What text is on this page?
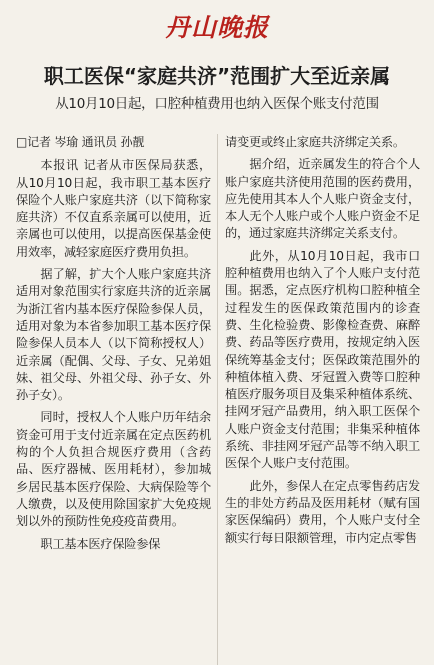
丹山晚报
职工医保“家庭共济”范围扩大至近亲属
从10月10日起，口腔种植费用也纳入医保个账支付范围

□记者 岑瑜 通讯员 孙靓

本报讯 记者从市医保局获悉，从10月10日起，我市职工基本医疗保险个人账户家庭共济（以下简称家庭共济）不仅直系亲属可以使用，近亲属也可以使用，以提高医保基金使用效率，减轻家庭医疗费用负担。

据了解，扩大个人账户家庭共济适用对象范围实行家庭共济的近亲属为浙江省内基本医疗保险参保人员，适用对象为本省参加职工基本医疗保险参保人员本人（以下简称授权人）近亲属（配偶、父母、子女、兄弟姐妹、祖父母、外祖父母、孙子女、外孙子女）。

同时，授权人个人账户历年结余资金可用于支付近亲属在定点医药机构的个人负担合规医疗费用（含药品、医疗器械、医用耗材），参加城乡居民基本医疗保险、大病保险等个人缴费，以及使用除国家扩大免疫规划以外的预防性免疫疫苗费用。

职工基本医疗保险参保

请变更或终止家庭共济绑定关系。

据介绍，近亲属发生的符合个人账户家庭共济使用范围的医药费用，应先使用其本人个人账户资金支付，本人无个人账户或个人账户资金不足的，通过家庭共济绑定关系支付。

此外，从10月10日起，我市口腔种植费用也纳入了个人账户支付范围。据悉，定点医疗机构口腔种植全过程发生的医保政策范围内的诊查费、生化检验费、影像检查费、麻醉费、药品等医疗费用，按规定纳入医保统筹基金支付；医保政策范围外的种植体植入费、牙冠置入费等口腔种植医疗服务项目及集采种植体系统、挂网牙冠产品费用，纳入职工医保个人账户资金支付范围；非集采种植体系统、非挂网牙冠产品等不纳入职工医保个人账户支付范围。

此外，参保人在定点零售药店发生的非处方药品及医用耗材（赋有国家医保编码）费用，个人账户支付全额实行每日限额管理，市内定点零售
